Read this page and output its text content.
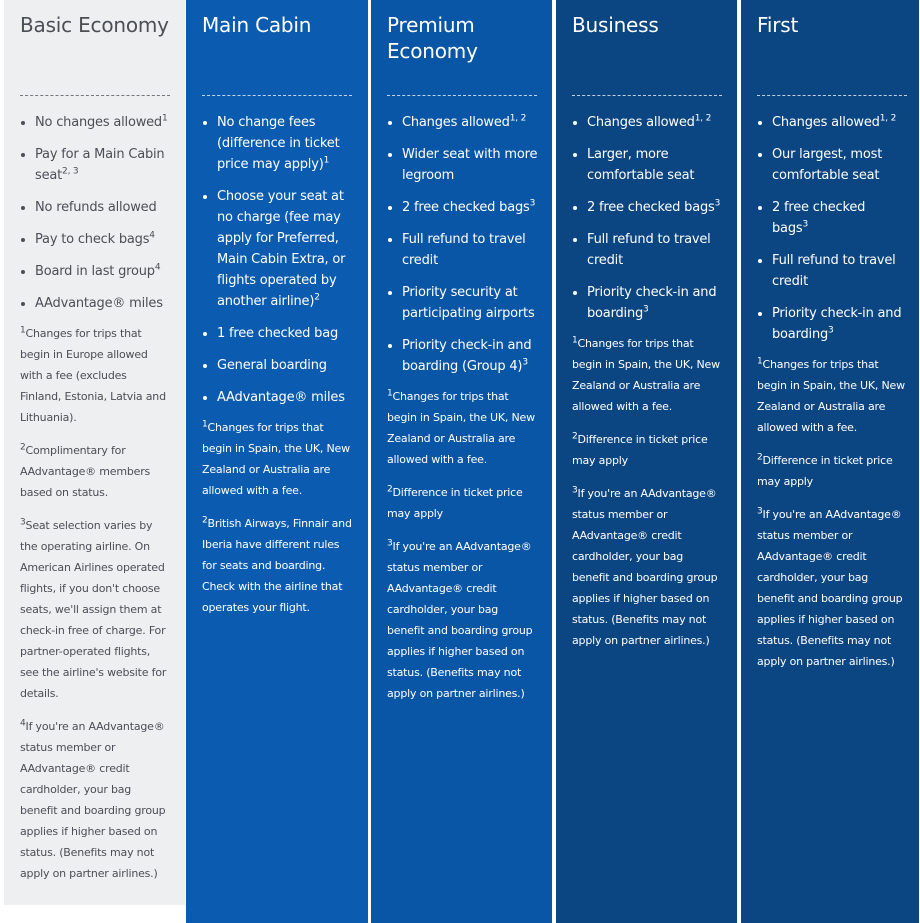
Basic Economy
• No changes allowed$^1$
• Pay for a Main Cabin seat$^{2, 3}$
• No refunds allowed
• Pay to check bags$^4$
• Board in last group$^4$
• AAdvantage® miles

$^1$Changes for trips that begin in Europe allowed with a fee (excludes Finland, Estonia, Latvia and Lithuania).

$^2$Complimentary for AAdvantage® members based on status.

$^3$Seat selection varies by the operating airline. On American Airlines operated flights, if you don't choose seats, we'll assign them at check-in free of charge. For partner-operated flights, see the airline's website for details.

$^4$If you're an AAdvantage® status member or AAdvantage® credit cardholder, your bag benefit and boarding group applies if higher based on status. (Benefits may not apply on partner airlines.)

Main Cabin
• No change fees (difference in ticket price may apply)$^1$
• Choose your seat at no charge (fee may apply for Preferred, Main Cabin Extra, or flights operated by another airline)$^2$
• 1 free checked bag
• General boarding
• AAdvantage® miles

$^1$Changes for trips that begin in Spain, the UK, New Zealand or Australia are allowed with a fee.

$^2$British Airways, Finnair and Iberia have different rules for seats and boarding. Check with the airline that operates your flight.

Premium Economy
• Changes allowed$^{1, 2}$
• Wider seat with more legroom
• 2 free checked bags$^3$
• Full refund to travel credit
• Priority security at participating airports
• Priority check-in and boarding (Group 4)$^3$

$^1$Changes for trips that begin in Spain, the UK, New Zealand or Australia are allowed with a fee.

$^2$Difference in ticket price may apply

$^3$If you're an AAdvantage® status member or AAdvantage® credit cardholder, your bag benefit and boarding group applies if higher based on status. (Benefits may not apply on partner airlines.)

Business
• Changes allowed$^{1, 2}$
• Larger, more comfortable seat
• 2 free checked bags$^3$
• Full refund to travel credit
• Priority check-in and boarding$^3$

$^1$Changes for trips that begin in Spain, the UK, New Zealand or Australia are allowed with a fee.

$^2$Difference in ticket price may apply

$^3$If you're an AAdvantage® status member or AAdvantage® credit cardholder, your bag benefit and boarding group applies if higher based on status. (Benefits may not apply on partner airlines.)

First
• Changes allowed$^{1, 2}$
• Our largest, most comfortable seat
• 2 free checked bags$^3$
• Full refund to travel credit
• Priority check-in and boarding$^3$

$^1$Changes for trips that begin in Spain, the UK, New Zealand or Australia are allowed with a fee.

$^2$Difference in ticket price may apply

$^3$If you're an AAdvantage® status member or AAdvantage® credit cardholder, your bag benefit and boarding group applies if higher based on status. (Benefits may not apply on partner airlines.)
